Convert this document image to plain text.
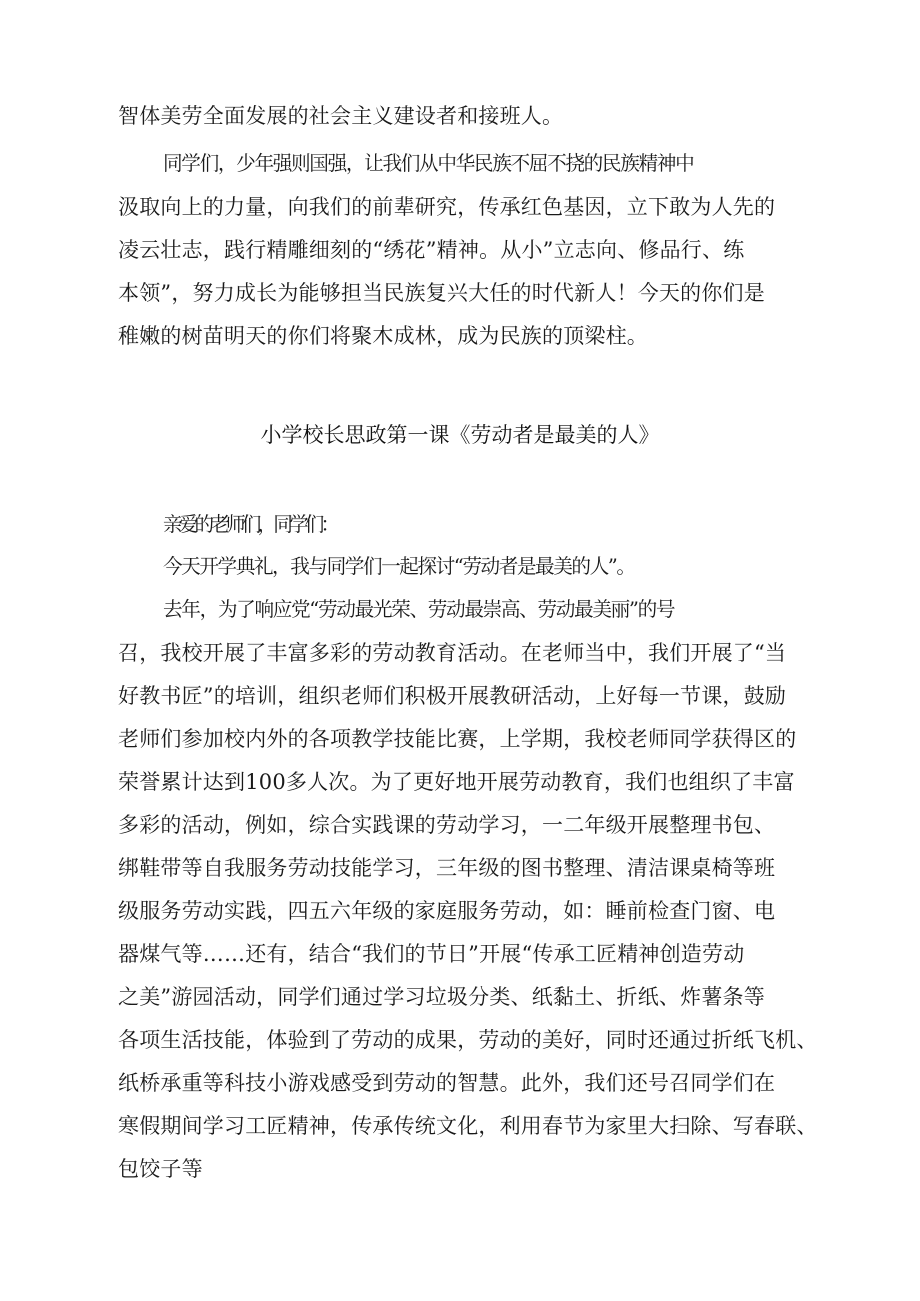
智体美劳全面发展的社会主义建设者和接班人。
同学们，少年强则国强，让我们从中华民族不屈不挠的民族精神中
汲取向上的力量，向我们的前辈研究，传承红色基因，立下敢为人先的
凌云壮志，践行精雕细刻的“绣花”精神。从小”立志向、修品行、练
本领”，努力成长为能够担当民族复兴大任的时代新人！今天的你们是
稚嫩的树苗明天的你们将聚木成林，成为民族的顶梁柱。
小学校长思政第一课《劳动者是最美的人》
亲爱的老师们，同学们：
今天开学典礼，我与同学们一起探讨“劳动者是最美的人”。
去年，为了响应党“劳动最光荣、劳动最崇高、劳动最美丽”的号
召，我校开展了丰富多彩的劳动教育活动。在老师当中，我们开展了“当
好教书匠”的培训，组织老师们积极开展教研活动，上好每一节课，鼓励
老师们参加校内外的各项教学技能比赛，上学期，我校老师同学获得区的
荣誉累计达到100多人次。为了更好地开展劳动教育，我们也组织了丰富
多彩的活动，例如，综合实践课的劳动学习，一二年级开展整理书包、
绑鞋带等自我服务劳动技能学习，三年级的图书整理、清洁课桌椅等班
级服务劳动实践，四五六年级的家庭服务劳动，如：睡前检查门窗、电
器煤气等……还有，结合“我们的节日”开展“传承工匠精神创造劳动
之美”游园活动，同学们通过学习垃圾分类、纸黏土、折纸、炸薯条等
各项生活技能，体验到了劳动的成果，劳动的美好，同时还通过折纸飞机、
纸桥承重等科技小游戏感受到劳动的智慧。此外，我们还号召同学们在
寒假期间学习工匠精神，传承传统文化，利用春节为家里大扫除、写春联、
包饺子等
